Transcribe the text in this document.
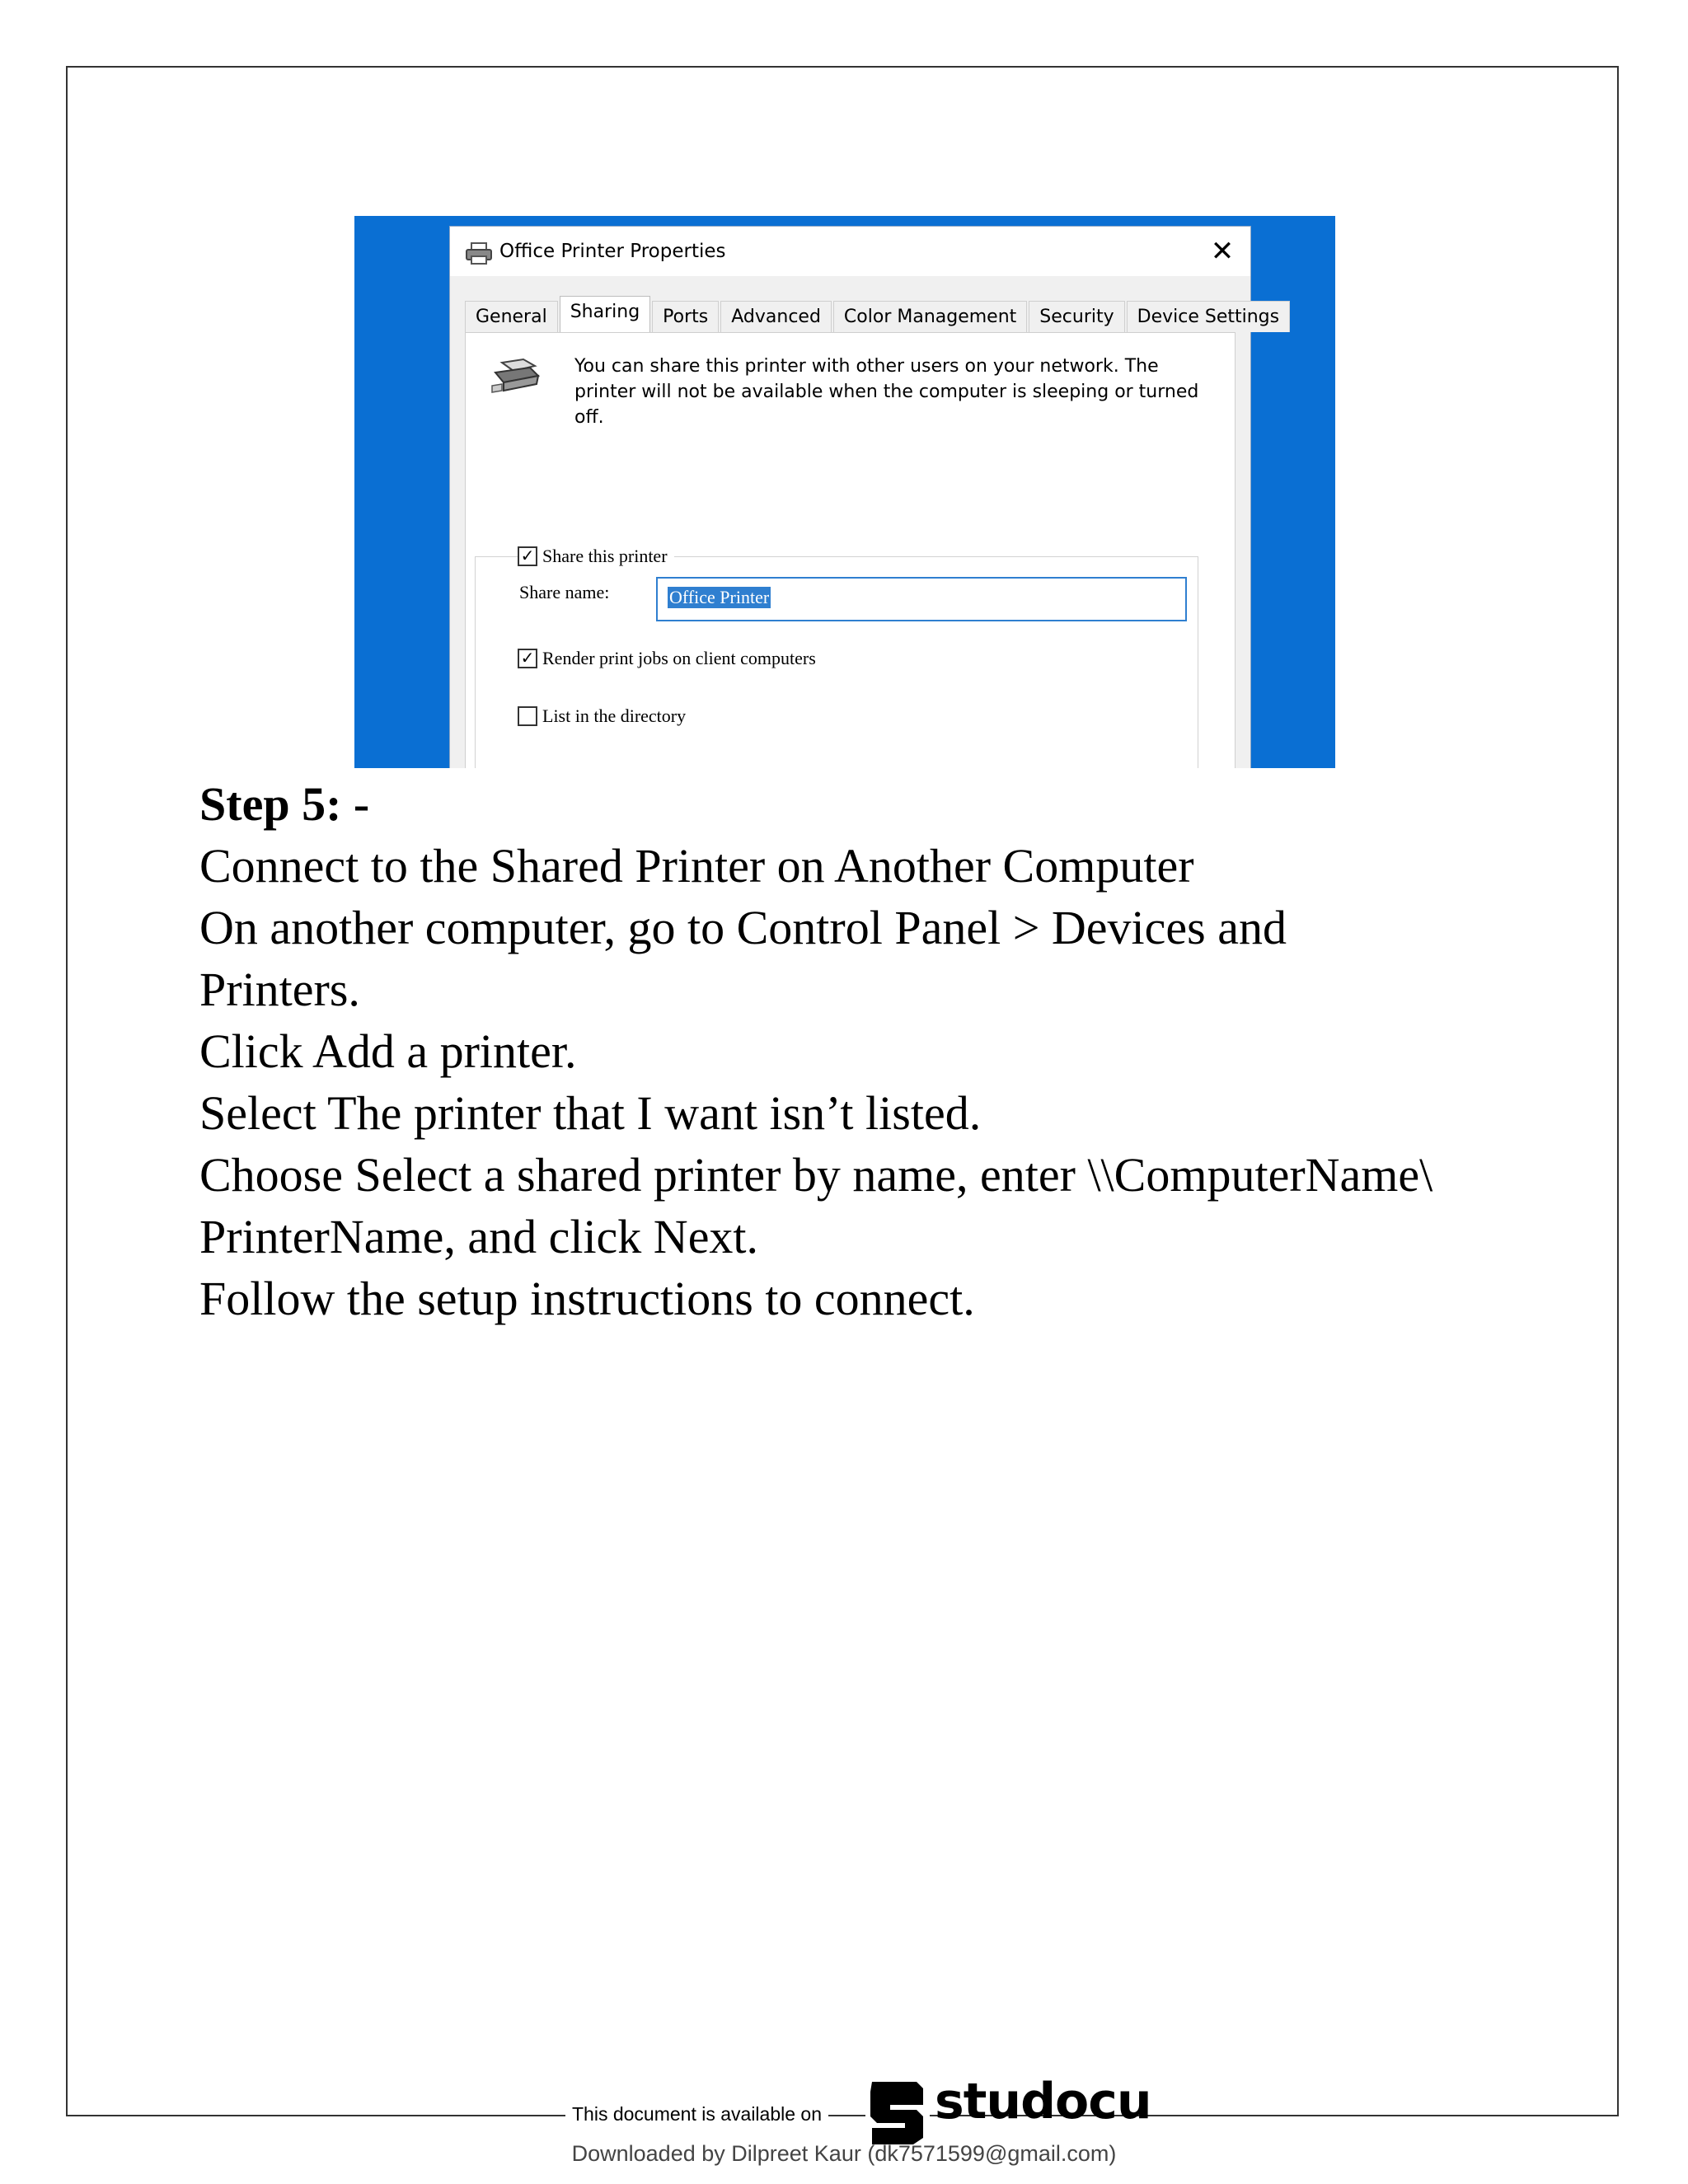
Office Printer Properties	✕
General	Sharing	Ports	Advanced	Color Management	Security	Device Settings
You can share this printer with other users on your network. The printer will not be available when the computer is sleeping or turned off.
✓ Share this printer
Share name:	Office Printer
✓ Render print jobs on client computers
List in the directory
Step 5: -
Connect to the Shared Printer on Another Computer
On another computer, go to Control Panel > Devices and
Printers.
Click Add a printer.
Select The printer that I want isn’t listed.
Choose Select a shared printer by name, enter \\ComputerName\
PrinterName, and click Next.
Follow the setup instructions to connect.
This document is available on studocu
Downloaded by Dilpreet Kaur (dk7571599@gmail.com)
